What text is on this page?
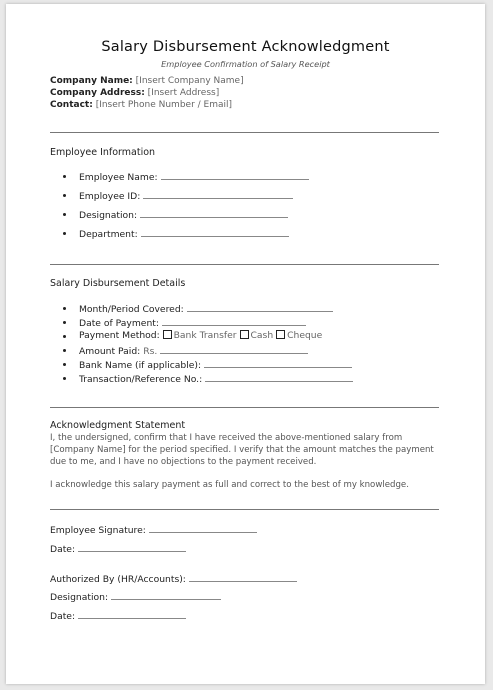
Salary Disbursement Acknowledgment
Employee Confirmation of Salary Receipt
Company Name: [Insert Company Name]
Company Address: [Insert Address]
Contact: [Insert Phone Number / Email]
Employee Information
Employee Name:
Employee ID:
Designation:
Department:
Salary Disbursement Details
Month/Period Covered:
Date of Payment:
Payment Method: Bank Transfer Cash Cheque
Amount Paid: Rs.
Bank Name (if applicable):
Transaction/Reference No.:
Acknowledgment Statement
I, the undersigned, confirm that I have received the above-mentioned salary from
[Company Name] for the period specified. I verify that the amount matches the payment
due to me, and I have no objections to the payment received.
I acknowledge this salary payment as full and correct to the best of my knowledge.
Employee Signature:
Date:
Authorized By (HR/Accounts):
Designation:
Date:
